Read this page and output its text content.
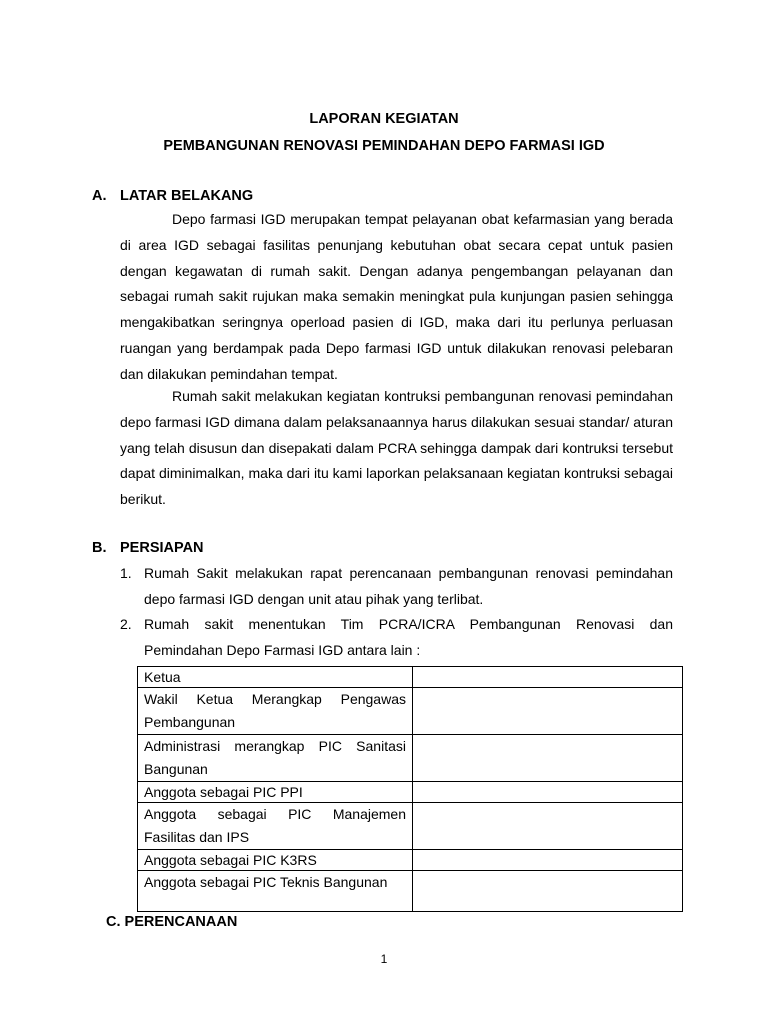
LAPORAN KEGIATAN
PEMBANGUNAN RENOVASI PEMINDAHAN DEPO FARMASI IGD
A. LATAR BELAKANG
Depo farmasi IGD merupakan tempat pelayanan obat kefarmasian yang berada di area IGD sebagai fasilitas penunjang kebutuhan obat secara cepat untuk pasien dengan kegawatan di rumah sakit. Dengan adanya pengembangan pelayanan dan sebagai rumah sakit rujukan maka semakin meningkat pula kunjungan pasien sehingga mengakibatkan seringnya operload pasien di IGD, maka dari itu perlunya perluasan ruangan yang berdampak pada Depo farmasi IGD untuk dilakukan renovasi pelebaran dan dilakukan pemindahan tempat.
Rumah sakit melakukan kegiatan kontruksi pembangunan renovasi pemindahan depo farmasi IGD dimana dalam pelaksanaannya harus dilakukan sesuai standar/ aturan yang telah disusun dan disepakati dalam PCRA sehingga dampak dari kontruksi tersebut dapat diminimalkan, maka dari itu kami laporkan pelaksanaan kegiatan kontruksi sebagai berikut.
B. PERSIAPAN
1. Rumah Sakit melakukan rapat perencanaan pembangunan renovasi pemindahan depo farmasi IGD dengan unit atau pihak yang terlibat.
2. Rumah sakit menentukan Tim PCRA/ICRA Pembangunan Renovasi dan Pemindahan Depo Farmasi IGD antara lain :
Ketua	
Wakil Ketua Merangkap Pengawas Pembangunan	
Administrasi merangkap PIC Sanitasi Bangunan	
Anggota sebagai PIC PPI	
Anggota sebagai PIC Manajemen Fasilitas dan IPS	
Anggota sebagai PIC K3RS	
Anggota sebagai PIC Teknis Bangunan	
C. PERENCANAAN
1
